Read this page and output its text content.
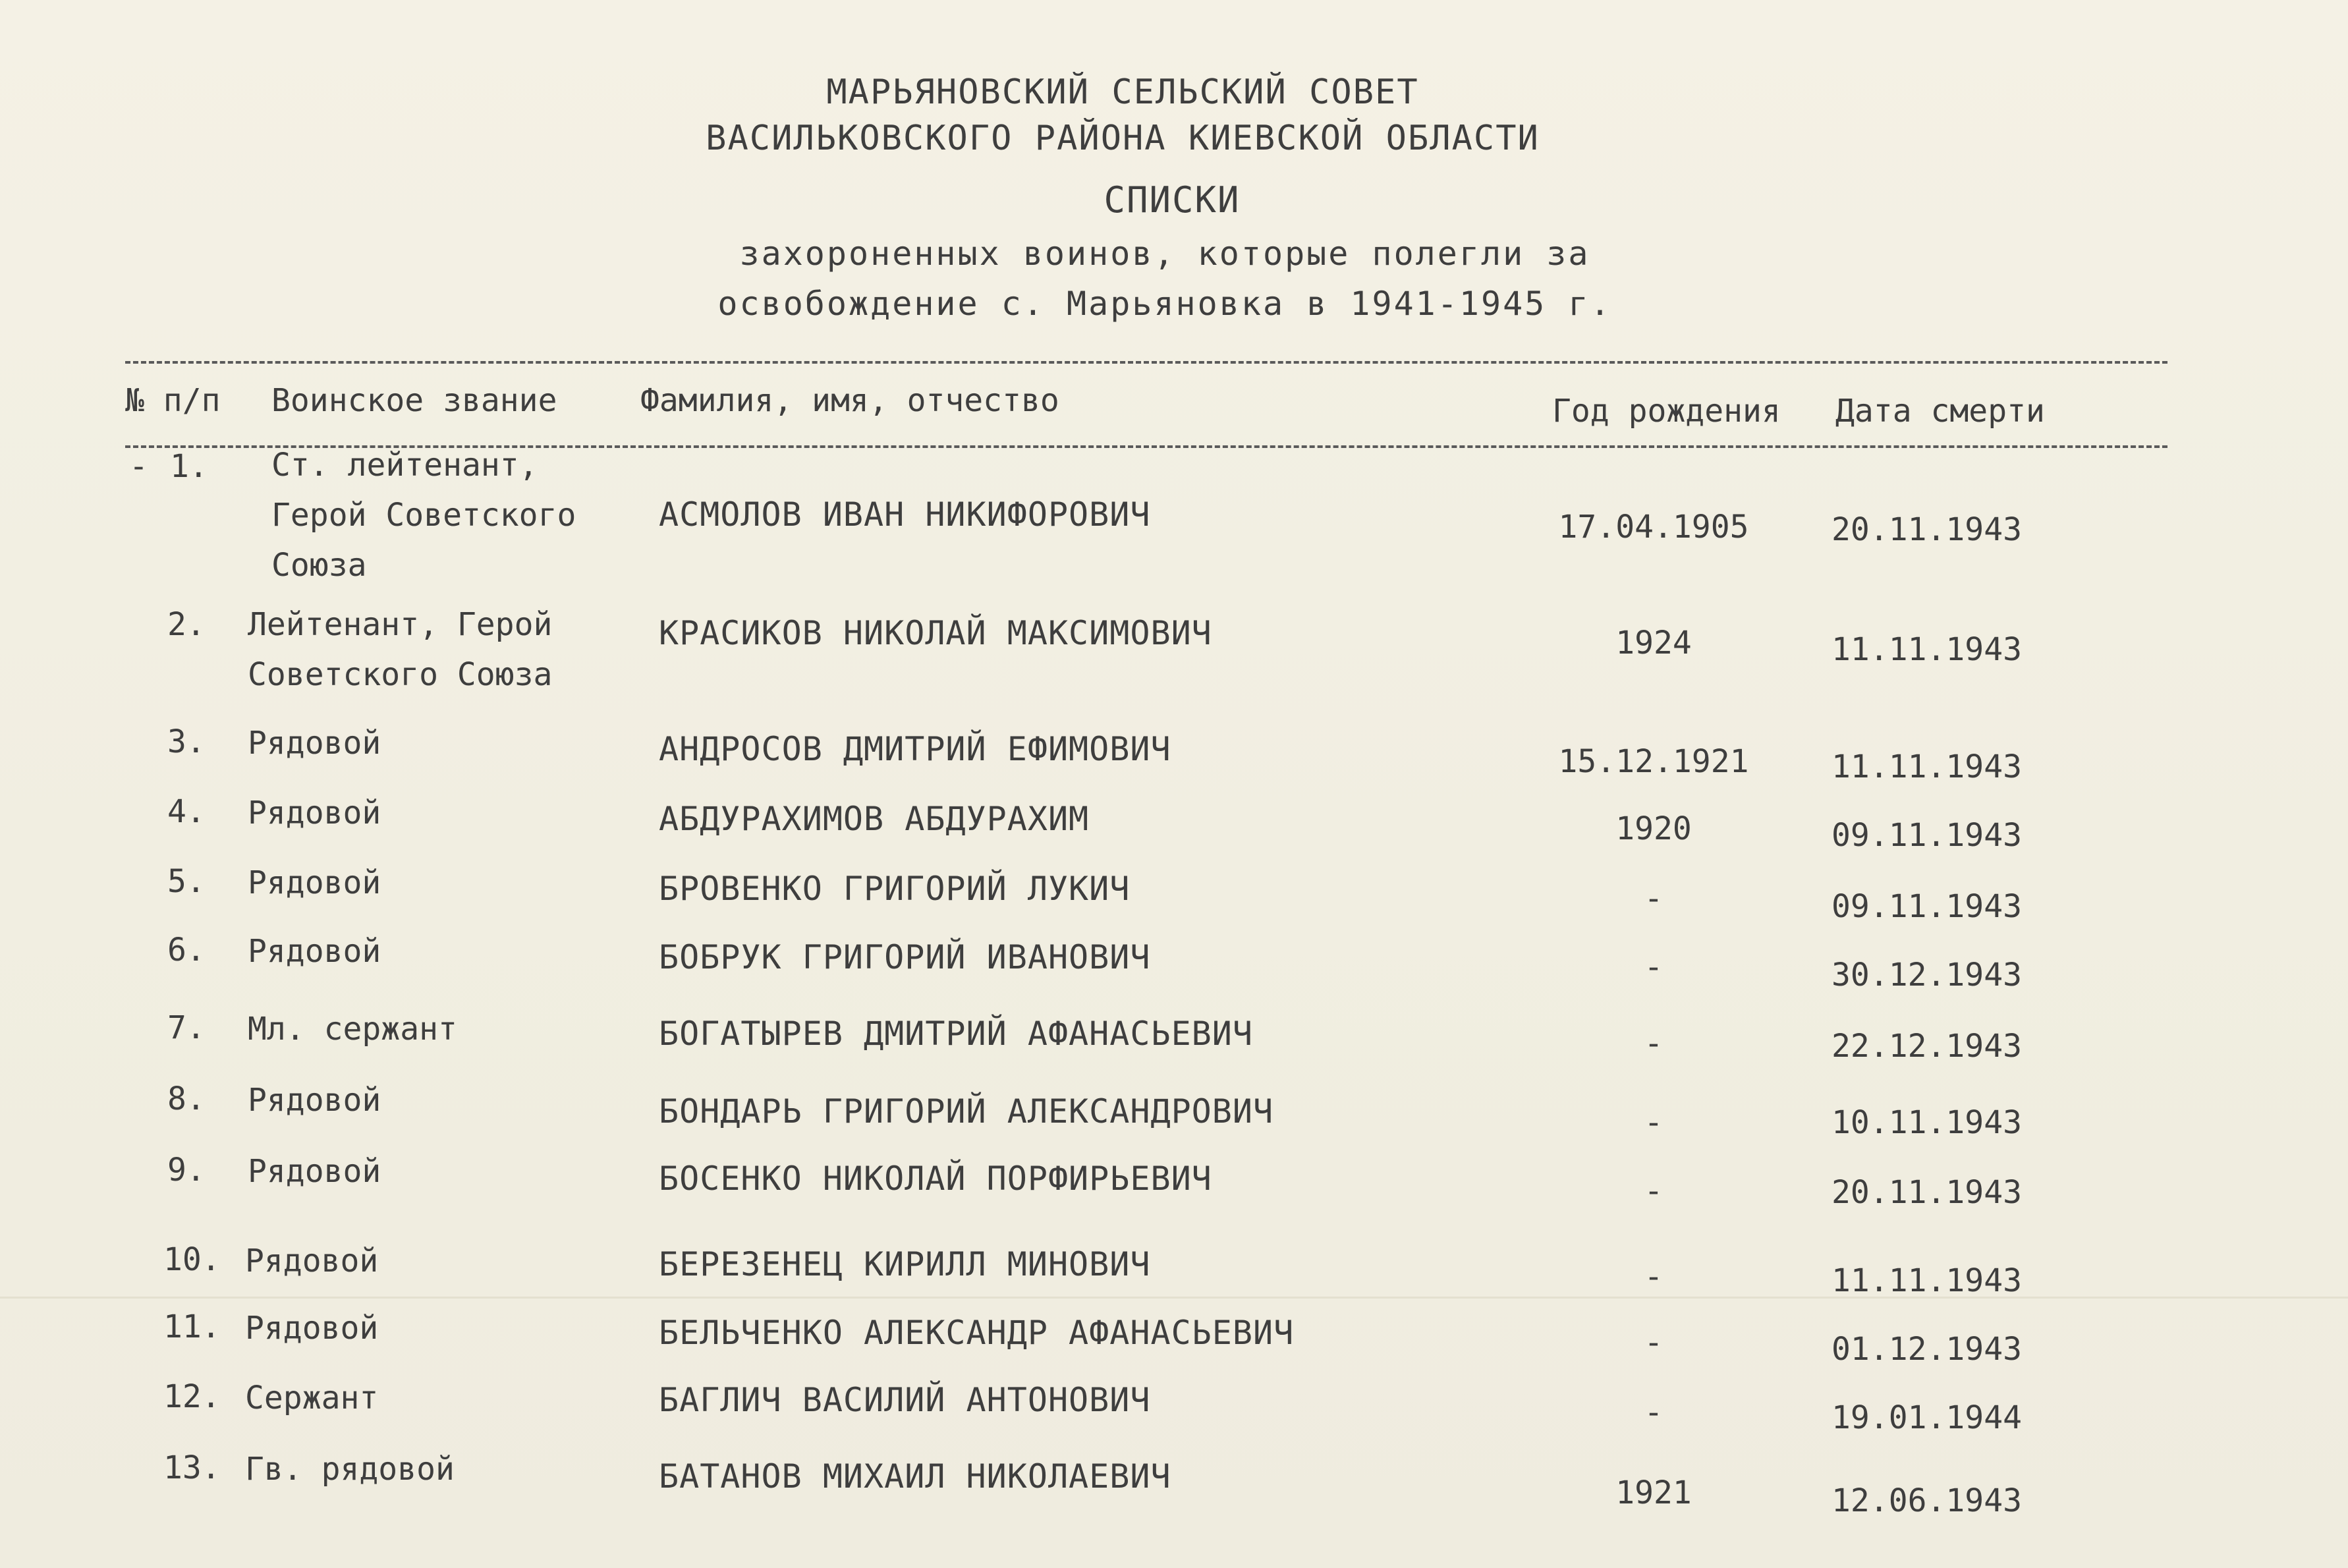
МАРЬЯНОВСКИЙ СЕЛЬСКИЙ СОВЕТ
ВАСИЛЬКОВСКОГО РАЙОНА КИЕВСКОЙ ОБЛАСТИ
СПИСКИ
захороненных воинов, которые полегли за
освобождение с. Марьяновка в 1941-1945 г.
№ п/п Воинское звание	Фамилия, имя, отчество	Год рождения Дата смерти
- 1. Ст. лейтенант,
Герой Советского
Союза
АСМОЛОВ ИВАН НИКИФОРОВИЧ	17.04.1905	20.11.1943
2. Лейтенант, Герой
Советского Союза
КРАСИКОВ НИКОЛАЙ МАКСИМОВИЧ	1924	11.11.1943
3. Рядовой	АНДРОСОВ ДМИТРИЙ ЕФИМОВИЧ	15.12.1921	11.11.1943
4. Рядовой	АБДУРАХИМОВ АБДУРАХИМ	1920	09.11.1943
5. Рядовой	БРОВЕНКО ГРИГОРИЙ ЛУКИЧ	-	09.11.1943
6. Рядовой	БОБРУК ГРИГОРИЙ ИВАНОВИЧ	-	30.12.1943
7. Мл. сержант	БОГАТЫРЕВ ДМИТРИЙ АФАНАСЬЕВИЧ	-	22.12.1943
8. Рядовой	БОНДАРЬ ГРИГОРИЙ АЛЕКСАНДРОВИЧ	-	10.11.1943
9. Рядовой	БОСЕНКО НИКОЛАЙ ПОРФИРЬЕВИЧ	-	20.11.1943
10. Рядовой	БЕРЕЗЕНЕЦ КИРИЛЛ МИНОВИЧ	-	11.11.1943
11. Рядовой	БЕЛЬЧЕНКО АЛЕКСАНДР АФАНАСЬЕВИЧ	-	01.12.1943
12. Сержант	БАГЛИЧ ВАСИЛИЙ АНТОНОВИЧ	-	19.01.1944
13. Гв. рядовой	БАТАНОВ МИХАИЛ НИКОЛАЕВИЧ	1921	12.06.1943
